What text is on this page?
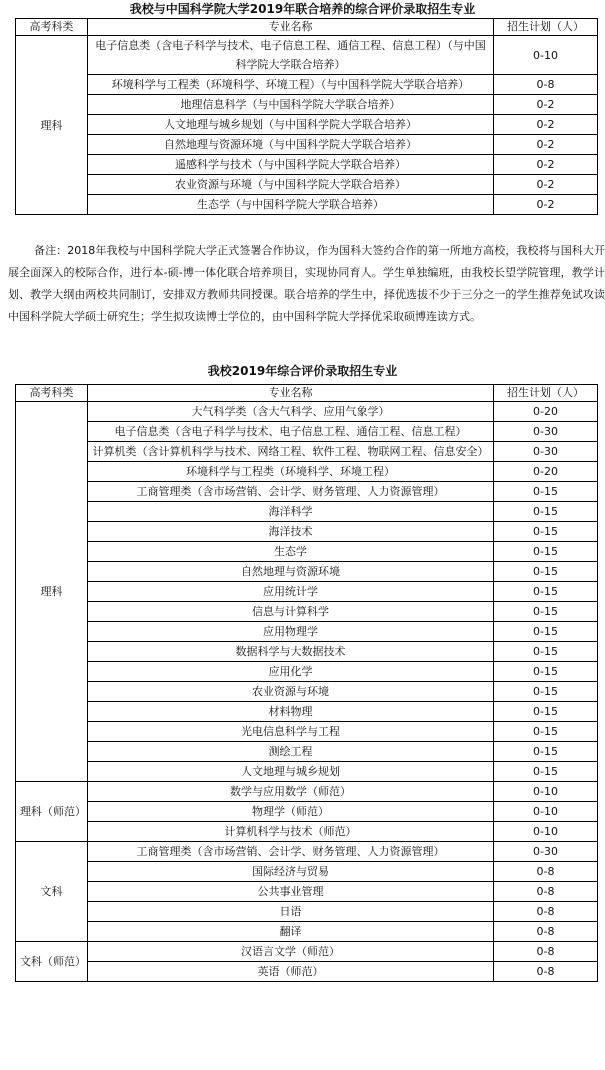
我校与中国科学院大学2019年联合培养的综合评价录取招生专业
高考科类	专业名称	招生计划（人）
理科	电子信息类（含电子科学与技术、电子信息工程、通信工程、信息工程）（与中国科学院大学联合培养）	0-10
	环境科学与工程类（环境科学、环境工程）（与中国科学院大学联合培养）	0-8
	地理信息科学（与中国科学院大学联合培养）	0-2
	人文地理与城乡规划（与中国科学院大学联合培养）	0-2
	自然地理与资源环境（与中国科学院大学联合培养）	0-2
	遥感科学与技术（与中国科学院大学联合培养）	0-2
	农业资源与环境（与中国科学院大学联合培养）	0-2
	生态学（与中国科学院大学联合培养）	0-2

备注：2018年我校与中国科学院大学正式签署合作协议，作为国科大签约合作的第一所地方高校，我校将与国科大开展全面深入的校际合作，进行本-硕-博一体化联合培养项目，实现协同育人。学生单独编班，由我校长望学院管理，教学计划、教学大纲由两校共同制订，安排双方教师共同授课。联合培养的学生中，择优选拔不少于三分之一的学生推荐免试攻读中国科学院大学硕士研究生；学生拟攻读博士学位的，由中国科学院大学择优采取硕博连读方式。

我校2019年综合评价录取招生专业
高考科类	专业名称	招生计划（人）
理科	大气科学类（含大气科学、应用气象学）	0-20
	电子信息类（含电子科学与技术、电子信息工程、通信工程、信息工程）	0-30
	计算机类（含计算机科学与技术、网络工程、软件工程、物联网工程、信息安全）	0-30
	环境科学与工程类（环境科学、环境工程）	0-20
	工商管理类（含市场营销、会计学、财务管理、人力资源管理）	0-15
	海洋科学	0-15
	海洋技术	0-15
	生态学	0-15
	自然地理与资源环境	0-15
	应用统计学	0-15
	信息与计算科学	0-15
	应用物理学	0-15
	数据科学与大数据技术	0-15
	应用化学	0-15
	农业资源与环境	0-15
	材料物理	0-15
	光电信息科学与工程	0-15
	测绘工程	0-15
	人文地理与城乡规划	0-15
理科（师范）	数学与应用数学（师范）	0-10
	物理学（师范）	0-10
	计算机科学与技术（师范）	0-10
文科	工商管理类（含市场营销、会计学、财务管理、人力资源管理）	0-30
	国际经济与贸易	0-8
	公共事业管理	0-8
	日语	0-8
	翻译	0-8
文科（师范）	汉语言文学（师范）	0-8
	英语（师范）	0-8
